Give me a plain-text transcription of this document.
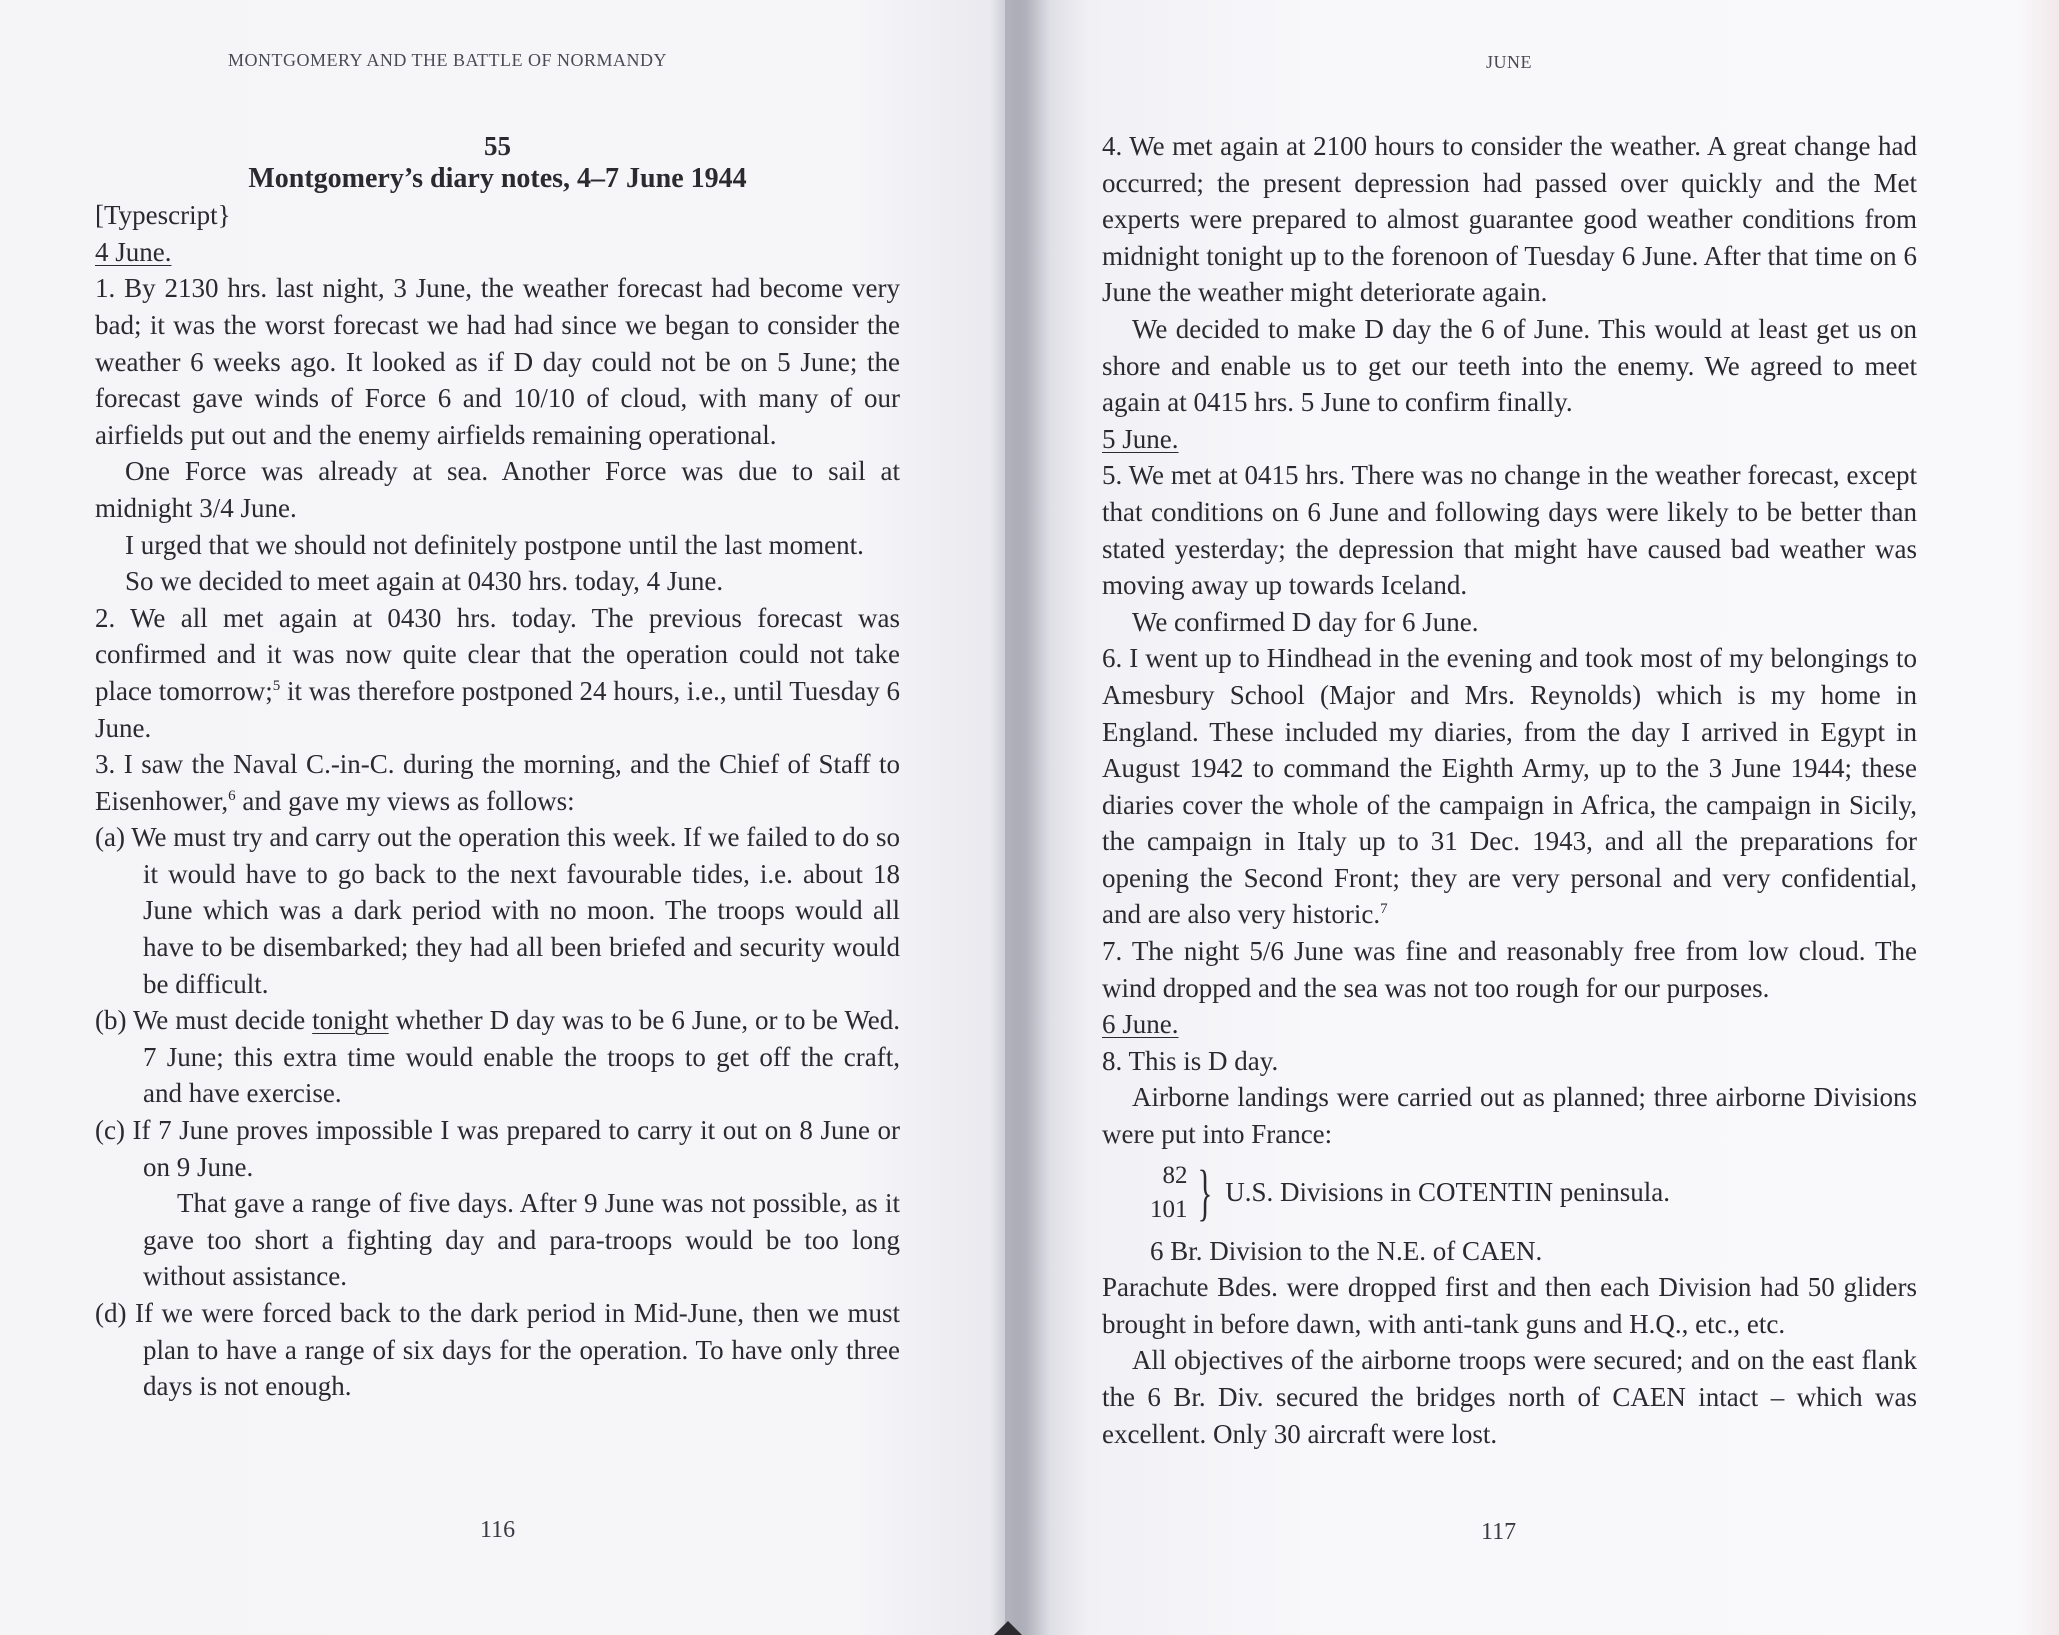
MONTGOMERY AND THE BATTLE OF NORMANDY

55

Montgomery’s diary notes, 4–7 June 1944

[Typescript}

4 June.

1. By 2130 hrs. last night, 3 June, the weather forecast had become very bad; it was the worst forecast we had had since we began to consider the weather 6 weeks ago. It looked as if D day could not be on 5 June; the forecast gave winds of Force 6 and 10/10 of cloud, with many of our airfields put out and the enemy airfields remaining operational.

One Force was already at sea. Another Force was due to sail at midnight 3/4 June.

I urged that we should not definitely postpone until the last moment.

So we decided to meet again at 0430 hrs. today, 4 June.

2. We all met again at 0430 hrs. today. The previous forecast was confirmed and it was now quite clear that the operation could not take place tomorrow;$^5$ it was therefore postponed 24 hours, i.e., until Tuesday 6 June.

3. I saw the Naval C.-in-C. during the morning, and the Chief of Staff to Eisenhower,$^6$ and gave my views as follows:

(a) We must try and carry out the operation this week. If we failed to do so it would have to go back to the next favourable tides, i.e. about 18 June which was a dark period with no moon. The troops would all have to be disembarked; they had all been briefed and security would be difficult.

(b) We must decide tonight whether D day was to be 6 June, or to be Wed. 7 June; this extra time would enable the troops to get off the craft, and have exercise.

(c) If 7 June proves impossible I was prepared to carry it out on 8 June or on 9 June.

That gave a range of five days. After 9 June was not possible, as it gave too short a fighting day and para-troops would be too long without assistance.

(d) If we were forced back to the dark period in Mid-June, then we must plan to have a range of six days for the operation. To have only three days is not enough.

116
JUNE

4. We met again at 2100 hours to consider the weather. A great change had occurred; the present depression had passed over quickly and the Met experts were prepared to almost guarantee good weather conditions from midnight tonight up to the forenoon of Tuesday 6 June. After that time on 6 June the weather might deteriorate again.

We decided to make D day the 6 of June. This would at least get us on shore and enable us to get our teeth into the enemy. We agreed to meet again at 0415 hrs. 5 June to confirm finally.

5 June.

5. We met at 0415 hrs. There was no change in the weather forecast, except that conditions on 6 June and following days were likely to be better than stated yesterday; the depression that might have caused bad weather was moving away up towards Iceland.

We confirmed D day for 6 June.

6. I went up to Hindhead in the evening and took most of my belongings to Amesbury School (Major and Mrs. Reynolds) which is my home in England. These included my diaries, from the day I arrived in Egypt in August 1942 to command the Eighth Army, up to the 3 June 1944; these diaries cover the whole of the campaign in Africa, the campaign in Sicily, the campaign in Italy up to 31 Dec. 1943, and all the preparations for opening the Second Front; they are very personal and very confidential, and are also very historic.$^7$

7. The night 5/6 June was fine and reasonably free from low cloud. The wind dropped and the sea was not too rough for our purposes.

6 June.

8. This is D day.

Airborne landings were carried out as planned; three airborne Divisions were put into France:

82
101 } U.S. Divisions in COTENTIN peninsula.

6 Br. Division to the N.E. of CAEN.

Parachute Bdes. were dropped first and then each Division had 50 gliders brought in before dawn, with anti-tank guns and H.Q., etc., etc.

All objectives of the airborne troops were secured; and on the east flank the 6 Br. Div. secured the bridges north of CAEN intact – which was excellent. Only 30 aircraft were lost.

117
